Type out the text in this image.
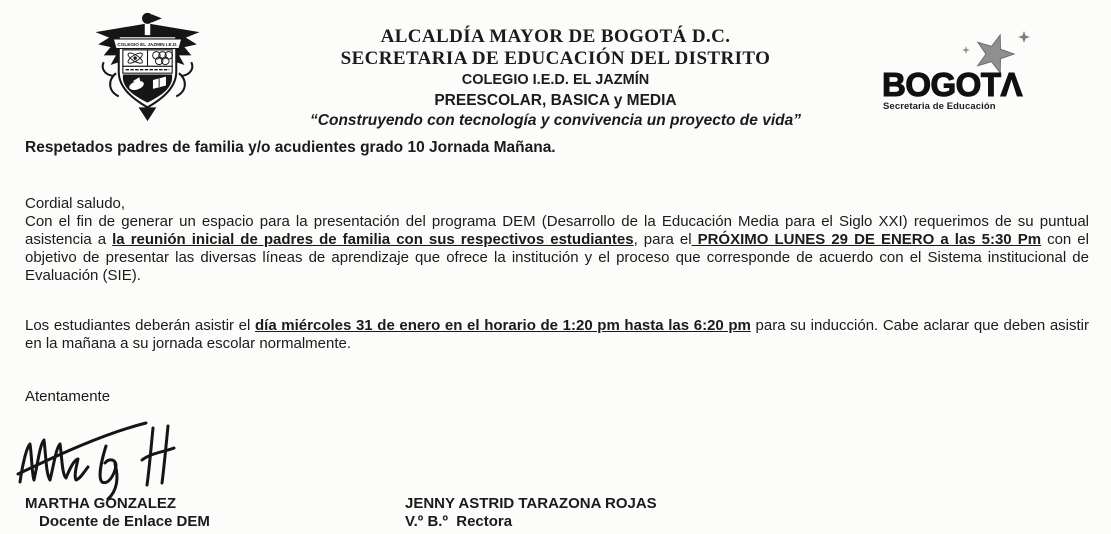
COLEGIO EL JAZMIN I.E.D.	ALCALDÍA MAYOR DE BOGOTÁ D.C.
SECRETARIA DE EDUCACIÓN DEL DISTRITO
COLEGIO I.E.D. EL JAZMÍN
PREESCOLAR, BASICA y MEDIA
“Construyendo con tecnología y convivencia un proyecto de vida”
BOGOTΛ
Secretaria de Educación
Respetados padres de familia y/o acudientes grado 10 Jornada Mañana.
Cordial saludo,

Con el fin de generar un espacio para la presentación del programa DEM (Desarrollo de la Educación Media para el Siglo XXI) requerimos de su puntual asistencia a la reunión inicial de padres de familia con sus respectivos estudiantes, para el PRÓXIMO LUNES 29 DE ENERO a las 5:30 Pm con el objetivo de presentar las diversas líneas de aprendizaje que ofrece la institución y el proceso que corresponde de acuerdo con el Sistema institucional de Evaluación (SIE).

Los estudiantes deberán asistir el día miércoles 31 de enero en el horario de 1:20 pm hasta las 6:20 pm para su inducción. Cabe aclarar que deben asistir en la mañana a su jornada escolar normalmente.

Atentamente
MARTHA GONZALEZ
Docente de Enlace DEM
JENNY ASTRID TARAZONA ROJAS
V.º B.º  Rectora
